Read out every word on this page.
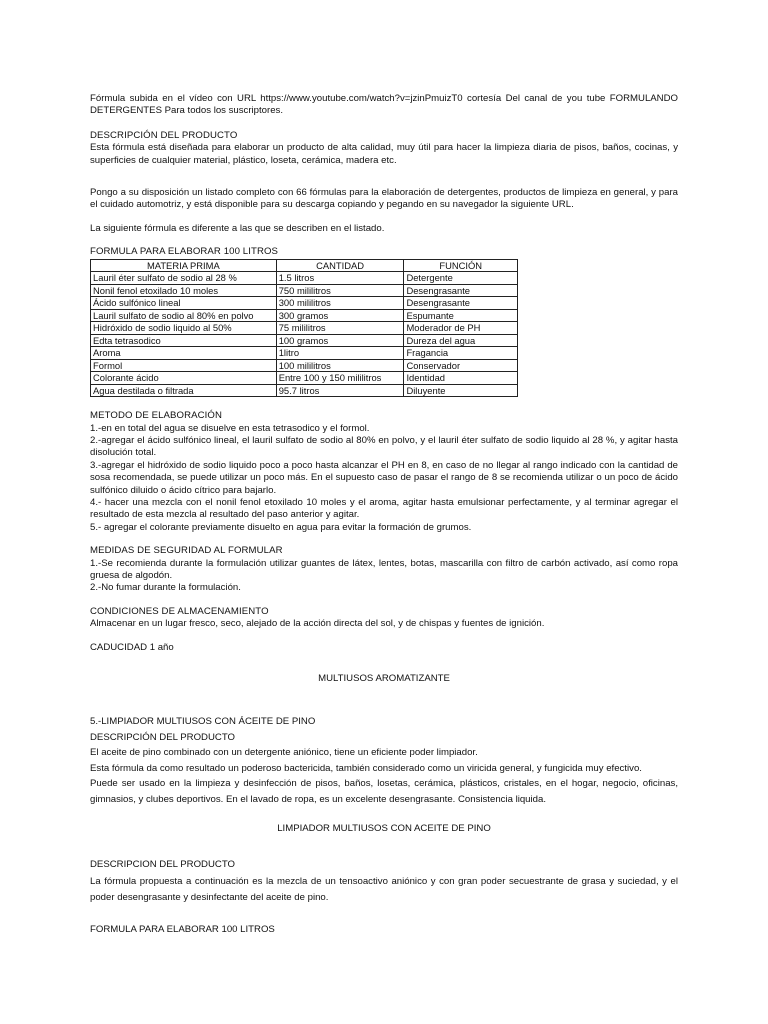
Fórmula subida en el vídeo con URL https://www.youtube.com/watch?v=jzinPmuizT0 cortesía Del canal de you tube FORMULANDO DETERGENTES Para todos los suscriptores.

DESCRIPCIÓN DEL PRODUCTO

Esta fórmula está diseñada para elaborar un producto de alta calidad, muy útil para hacer la limpieza diaria de pisos, baños, cocinas, y superficies de cualquier material, plástico, loseta, cerámica, madera etc.

Pongo a su disposición un listado completo con 66 fórmulas para la elaboración de detergentes, productos de limpieza en general, y para el cuidado automotriz, y está disponible para su descarga copiando y pegando en su navegador la siguiente URL.

La siguiente fórmula es diferente a las que se describen en el listado.

FORMULA PARA ELABORAR 100 LITROS

MATERIA PRIMA	CANTIDAD	FUNCIÓN
Lauril éter sulfato de sodio al 28 %	1.5 litros	Detergente
Nonil fenol etoxilado 10 moles	750 mililitros	Desengrasante
Ácido sulfónico lineal	300 mililitros	Desengrasante
Lauril sulfato de sodio al 80% en polvo	300 gramos	Espumante
Hidróxido de sodio liquido al 50%	75 mililitros	Moderador de PH
Edta tetrasodico	100 gramos	Dureza del agua
Aroma	1litro	Fragancia
Formol	100 mililitros	Conservador
Colorante ácido	Entre 100 y 150 mililitros	Identidad
Agua destilada o filtrada	95.7 litros	Diluyente

METODO DE ELABORACIÓN

1.-en en total del agua se disuelve en esta tetrasodico y el formol.

2.-agregar el ácido sulfónico lineal, el lauril sulfato de sodio al 80% en polvo, y el lauril éter sulfato de sodio liquido al 28 %, y agitar hasta disolución total.

3.-agregar el hidróxido de sodio liquido poco a poco hasta alcanzar el PH en 8, en caso de no llegar al rango indicado con la cantidad de sosa recomendada, se puede utilizar un poco más. En el supuesto caso de pasar el rango de 8 se recomienda utilizar o un poco de ácido sulfónico diluido o ácido cítrico para bajarlo.

4.- hacer una mezcla con el nonil fenol etoxilado 10 moles y el aroma, agitar hasta emulsionar perfectamente, y al terminar agregar el resultado de esta mezcla al resultado del paso anterior y agitar.

5.- agregar el colorante previamente disuelto en agua para evitar la formación de grumos.

MEDIDAS DE SEGURIDAD AL FORMULAR

1.-Se recomienda durante la formulación utilizar guantes de látex, lentes, botas, mascarilla con filtro de carbón activado, así como ropa gruesa de algodón.

2.-No fumar durante la formulación.

CONDICIONES DE ALMACENAMIENTO

Almacenar en un lugar fresco, seco, alejado de la acción directa del sol, y de chispas y fuentes de ignición.

CADUCIDAD 1 año

MULTIUSOS AROMATIZANTE

5.-LIMPIADOR MULTIUSOS CON ÁCEITE DE PINO

DESCRIPCIÓN DEL PRODUCTO

El aceite de pino combinado con un detergente aniónico, tiene un eficiente poder limpiador.

Esta fórmula da como resultado un poderoso bactericida, también considerado como un viricida general, y fungicida muy efectivo.

Puede ser usado en la limpieza y desinfección de pisos, baños, losetas, cerámica, plásticos, cristales, en el hogar, negocio, oficinas, gimnasios, y clubes deportivos. En el lavado de ropa, es un excelente desengrasante. Consistencia liquida.

LIMPIADOR MULTIUSOS CON ACEITE DE PINO

DESCRIPCION DEL PRODUCTO

La fórmula propuesta a continuación es la mezcla de un tensoactivo aniónico y con gran poder secuestrante de grasa y suciedad, y el poder desengrasante y desinfectante del aceite de pino.

FORMULA PARA ELABORAR 100 LITROS
